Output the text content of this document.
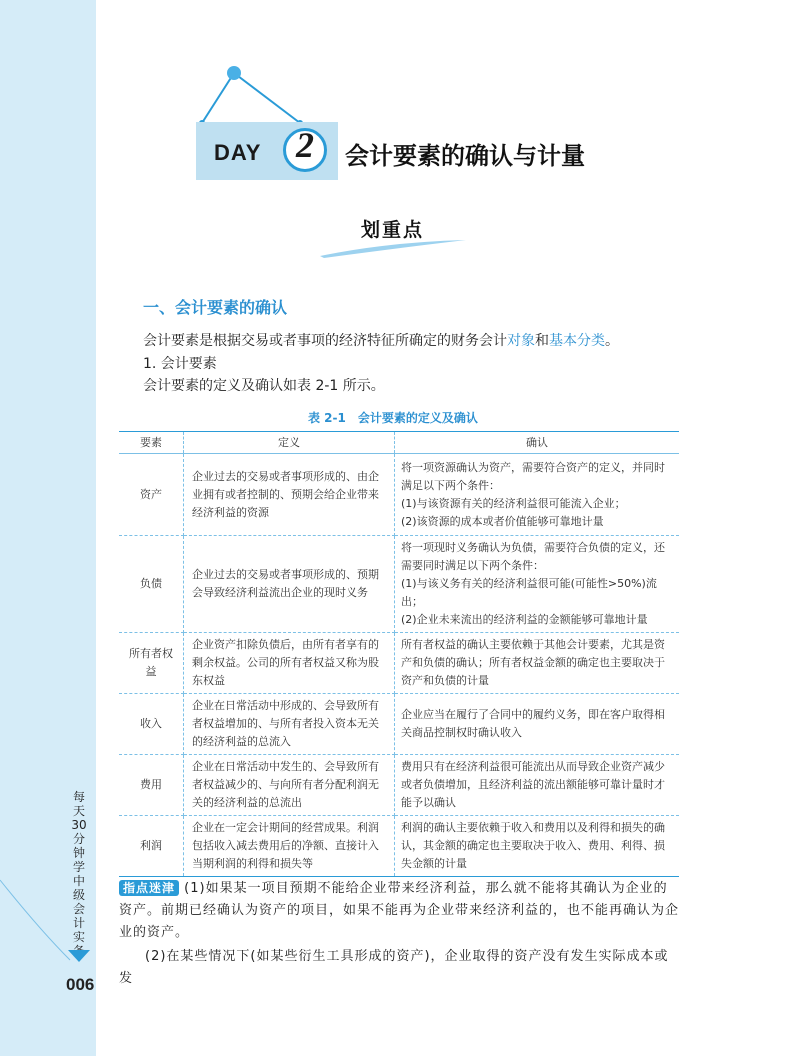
每天30分钟学中级会计实务
006
DAY 2	会计要素的确认与计量
划重点
一、会计要素的确认
会计要素是根据交易或者事项的经济特征所确定的财务会计对象和基本分类。
1. 会计要素
会计要素的定义及确认如表 2-1 所示。
表 2-1　会计要素的定义及确认
要素	定义	确认
资产	企业过去的交易或者事项形成的、由企业拥有或者控制的、预期会给企业带来经济利益的资源	将一项资源确认为资产，需要符合资产的定义，并同时满足以下两个条件：
(1)与该资源有关的经济利益很可能流入企业；
(2)该资源的成本或者价值能够可靠地计量

负债	企业过去的交易或者事项形成的、预期会导致经济利益流出企业的现时义务	将一项现时义务确认为负债，需要符合负债的定义，还需要同时满足以下两个条件：
(1)与该义务有关的经济利益很可能(可能性>50%)流出；
(2)企业未来流出的经济利益的金额能够可靠地计量

所有者权益	企业资产扣除负债后，由所有者享有的剩余权益。公司的所有者权益又称为股东权益	所有者权益的确认主要依赖于其他会计要素，尤其是资产和负债的确认；所有者权益金额的确定也主要取决于资产和负债的计量
收入	企业在日常活动中形成的、会导致所有者权益增加的、与所有者投入资本无关的经济利益的总流入	企业应当在履行了合同中的履约义务，即在客户取得相关商品控制权时确认收入
费用	企业在日常活动中发生的、会导致所有者权益减少的、与向所有者分配利润无关的经济利益的总流出	费用只有在经济利益很可能流出从而导致企业资产减少或者负债增加，且经济利益的流出额能够可靠计量时才能予以确认
利润	企业在一定会计期间的经营成果。利润包括收入减去费用后的净额、直接计入当期利润的利得和损失等	利润的确认主要依赖于收入和费用以及利得和损失的确认，其金额的确定也主要取决于收入、费用、利得、损失金额的计量
指点迷津 (1)如果某一项目预期不能给企业带来经济利益，那么就不能将其确认为企业的资产。前期已经确认为资产的项目，如果不能再为企业带来经济利益的，也不能再确认为企业的资产。
(2)在某些情况下(如某些衍生工具形成的资产)，企业取得的资产没有发生实际成本或发
